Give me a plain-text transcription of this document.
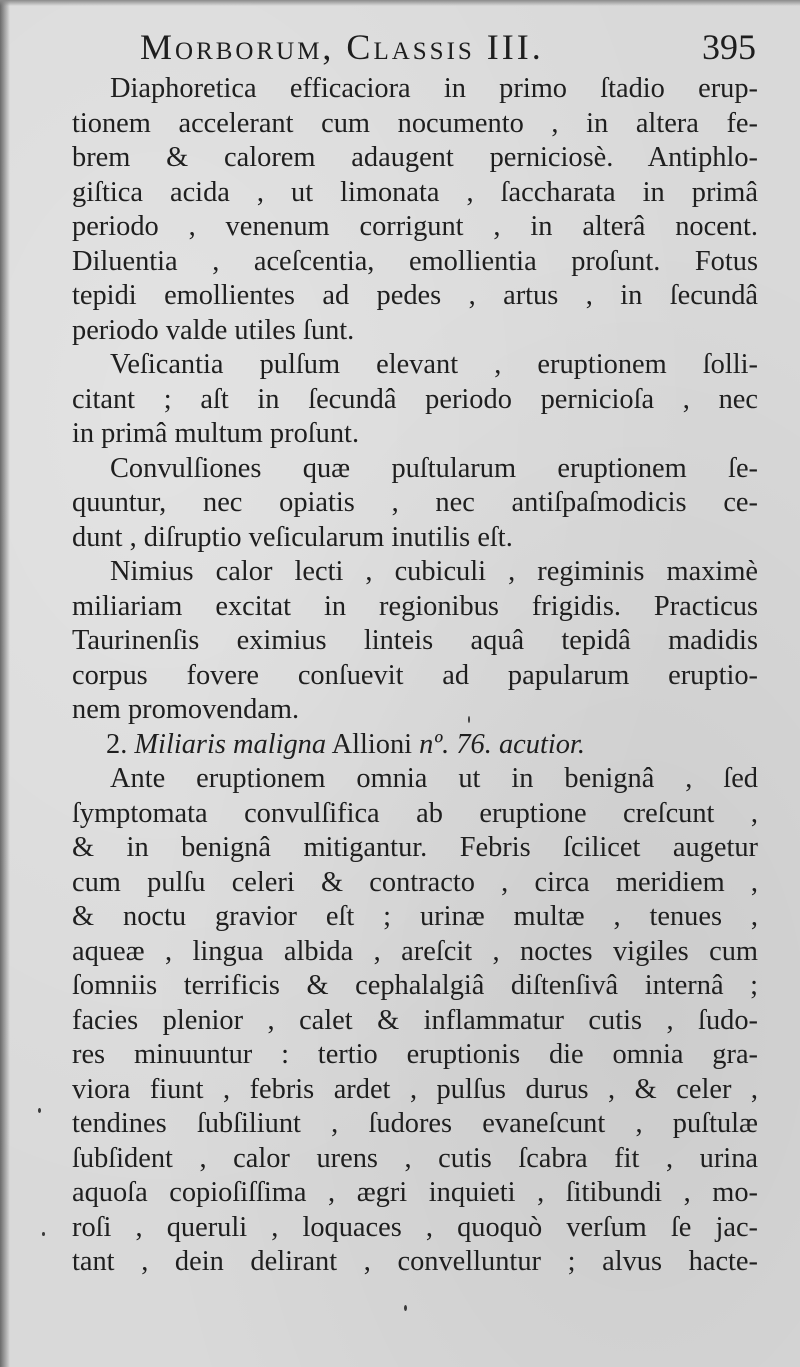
Morborum, Classis III.	395
Diaphoretica efficaciora in primo ſtadio erup-
tionem accelerant cum nocumento , in altera fe-
brem & calorem adaugent perniciosè. Antiphlo-
giſtica acida , ut limonata , ſaccharata in primâ
periodo , venenum corrigunt , in alterâ nocent.
Diluentia , aceſcentia, emollientia proſunt. Fotus
tepidi emollientes ad pedes , artus , in ſecundâ
periodo valde utiles ſunt.
Veſicantia pulſum elevant , eruptionem ſolli-
citant ; aſt in ſecundâ periodo pernicioſa , nec
in primâ multum proſunt.
Convulſiones quæ puſtularum eruptionem ſe-
quuntur, nec opiatis , nec antiſpaſmodicis ce-
dunt , diſruptio veſicularum inutilis eſt.
Nimius calor lecti , cubiculi , regiminis maximè
miliariam excitat in regionibus frigidis. Practicus
Taurinenſis eximius linteis aquâ tepidâ madidis
corpus fovere conſuevit ad papularum eruptio-
nem promovendam.
2. Miliaris maligna Allioni nº. 76. acutior.
Ante eruptionem omnia ut in benignâ , ſed
ſymptomata convulſifica ab eruptione creſcunt ,
& in benignâ mitigantur. Febris ſcilicet augetur
cum pulſu celeri & contracto , circa meridiem ,
& noctu gravior eſt ; urinæ multæ , tenues ,
aqueæ , lingua albida , areſcit , noctes vigiles cum
ſomniis terrificis & cephalalgiâ diſtenſivâ internâ ;
facies plenior , calet & inflammatur cutis , ſudo-
res minuuntur : tertio eruptionis die omnia gra-
viora fiunt , febris ardet , pulſus durus , & celer ,
tendines ſubſiliunt , ſudores evaneſcunt , puſtulæ
ſubſident , calor urens , cutis ſcabra fit , urina
aquoſa copioſiſſima , ægri inquieti , ſitibundi , mo-
roſi , queruli , loquaces , quoquò verſum ſe jac-
tant , dein delirant , convelluntur ; alvus hacte-
